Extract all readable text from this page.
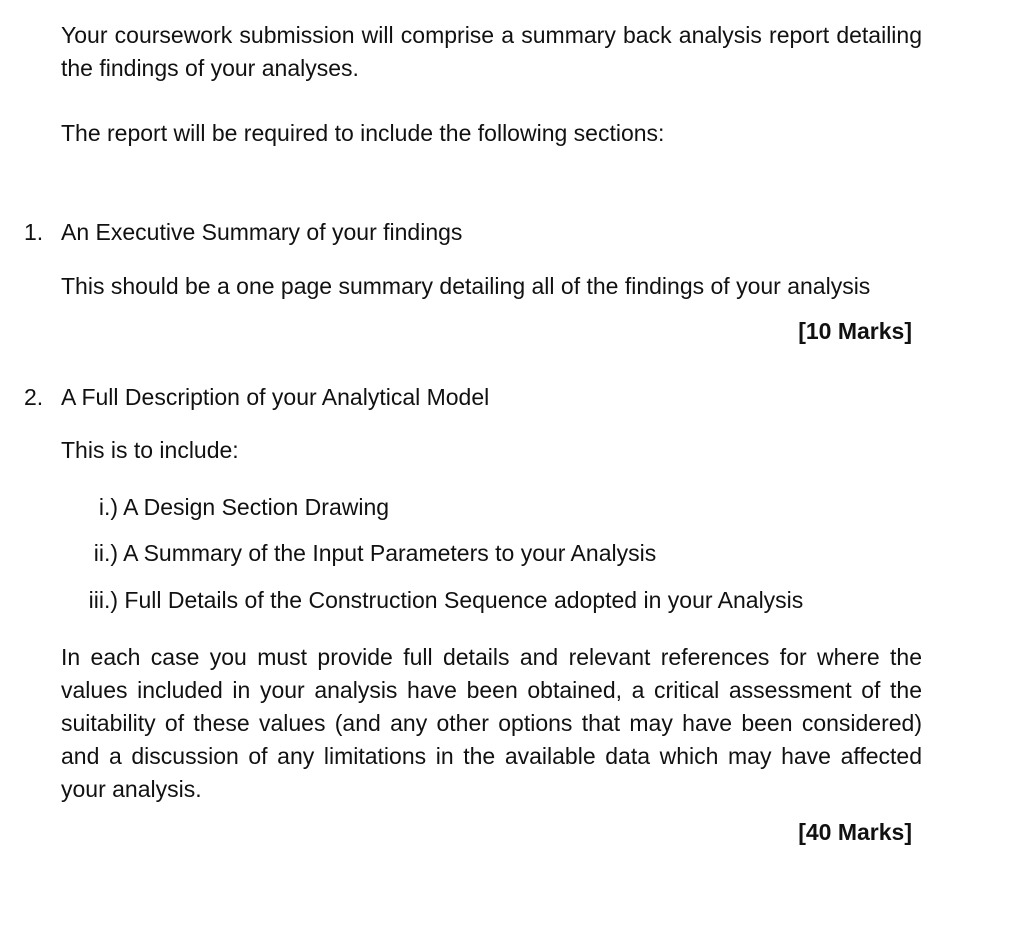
Your coursework submission will comprise a summary back analysis report detailing the findings of your analyses.
The report will be required to include the following sections:
1. An Executive Summary of your findings
This should be a one page summary detailing all of the findings of your analysis
[10 Marks]
2. A Full Description of your Analytical Model
This is to include:
i.) A Design Section Drawing
ii.) A Summary of the Input Parameters to your Analysis
iii.) Full Details of the Construction Sequence adopted in your Analysis
In each case you must provide full details and relevant references for where the values included in your analysis have been obtained, a critical assessment of the suitability of these values (and any other options that may have been considered) and a discussion of any limitations in the available data which may have affected your analysis.
[40 Marks]
